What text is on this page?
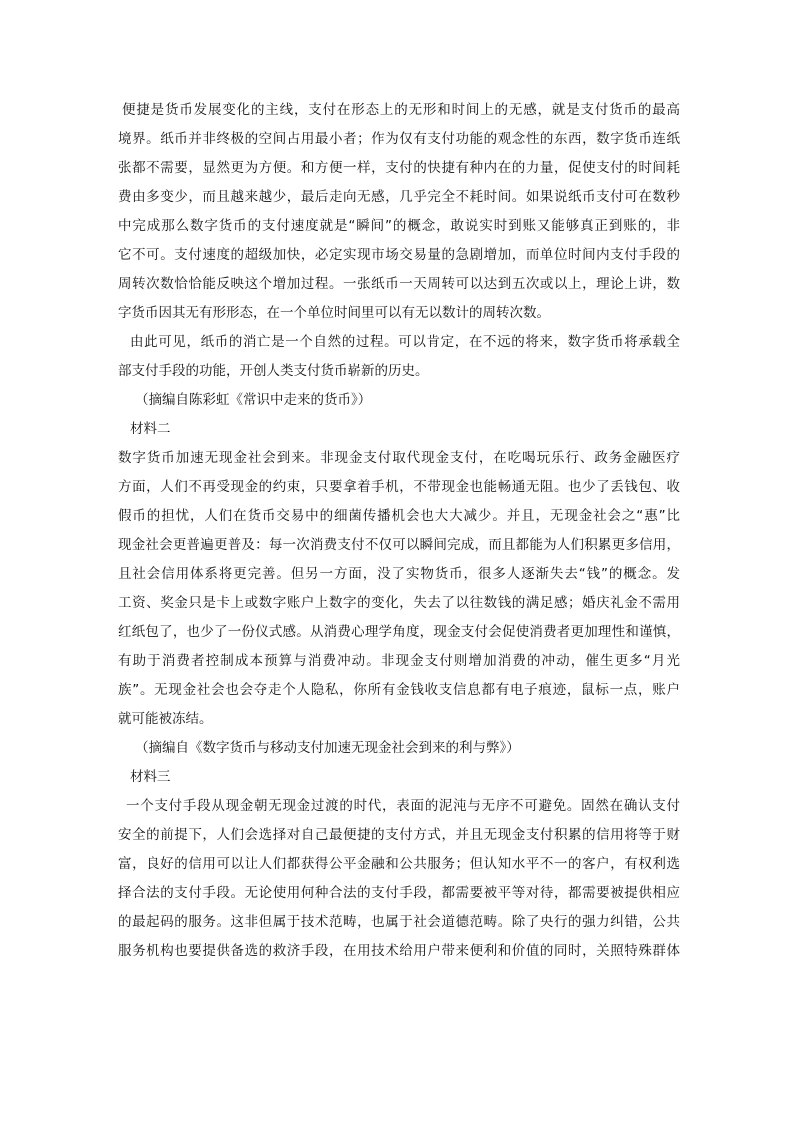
便捷是货币发展变化的主线，支付在形态上的无形和时间上的无感，就是支付货币的最高
境界。纸币并非终极的空间占用最小者；作为仅有支付功能的观念性的东西，数字货币连纸
张都不需要，显然更为方便。和方便一样，支付的快捷有种内在的力量，促使支付的时间耗
费由多变少，而且越来越少，最后走向无感，几乎完全不耗时间。如果说纸币支付可在数秒
中完成那么数字货币的支付速度就是“瞬间”的概念，敢说实时到账又能够真正到账的，非
它不可。支付速度的超级加快，必定实现市场交易量的急剧增加，而单位时间内支付手段的
周转次数恰恰能反映这个增加过程。一张纸币一天周转可以达到五次或以上，理论上讲，数
字货币因其无有形形态，在一个单位时间里可以有无以数计的周转次数。
由此可见，纸币的消亡是一个自然的过程。可以肯定，在不远的将来，数字货币将承载全
部支付手段的功能，开创人类支付货币崭新的历史。
（摘编自陈彩虹《常识中走来的货币》）
材料二
数字货币加速无现金社会到来。非现金支付取代现金支付，在吃喝玩乐行、政务金融医疗
方面，人们不再受现金的约束，只要拿着手机，不带现金也能畅通无阻。也少了丢钱包、收
假币的担忧，人们在货币交易中的细菌传播机会也大大减少。并且，无现金社会之“惠”比
现金社会更普遍更普及：每一次消费支付不仅可以瞬间完成，而且都能为人们积累更多信用，
且社会信用体系将更完善。但另一方面，没了实物货币，很多人逐渐失去“钱”的概念。发
工资、奖金只是卡上或数字账户上数字的变化，失去了以往数钱的满足感；婚庆礼金不需用
红纸包了，也少了一份仪式感。从消费心理学角度，现金支付会促使消费者更加理性和谨慎，
有助于消费者控制成本预算与消费冲动。非现金支付则增加消费的冲动，催生更多“月光
族”。无现金社会也会夺走个人隐私，你所有金钱收支信息都有电子痕迹，鼠标一点，账户
就可能被冻结。
（摘编自《数字货币与移动支付加速无现金社会到来的利与弊》）
材料三
一个支付手段从现金朝无现金过渡的时代，表面的泥沌与无序不可避免。固然在确认支付
安全的前提下，人们会选择对自己最便捷的支付方式，并且无现金支付积累的信用将等于财
富，良好的信用可以让人们都获得公平金融和公共服务；但认知水平不一的客户，有权利选
择合法的支付手段。无论使用何种合法的支付手段，都需要被平等对待，都需要被提供相应
的最起码的服务。这非但属于技术范畴，也属于社会道德范畴。除了央行的强力纠错，公共
服务机构也要提供备选的救济手段，在用技术给用户带来便利和价值的同时，关照特殊群体
